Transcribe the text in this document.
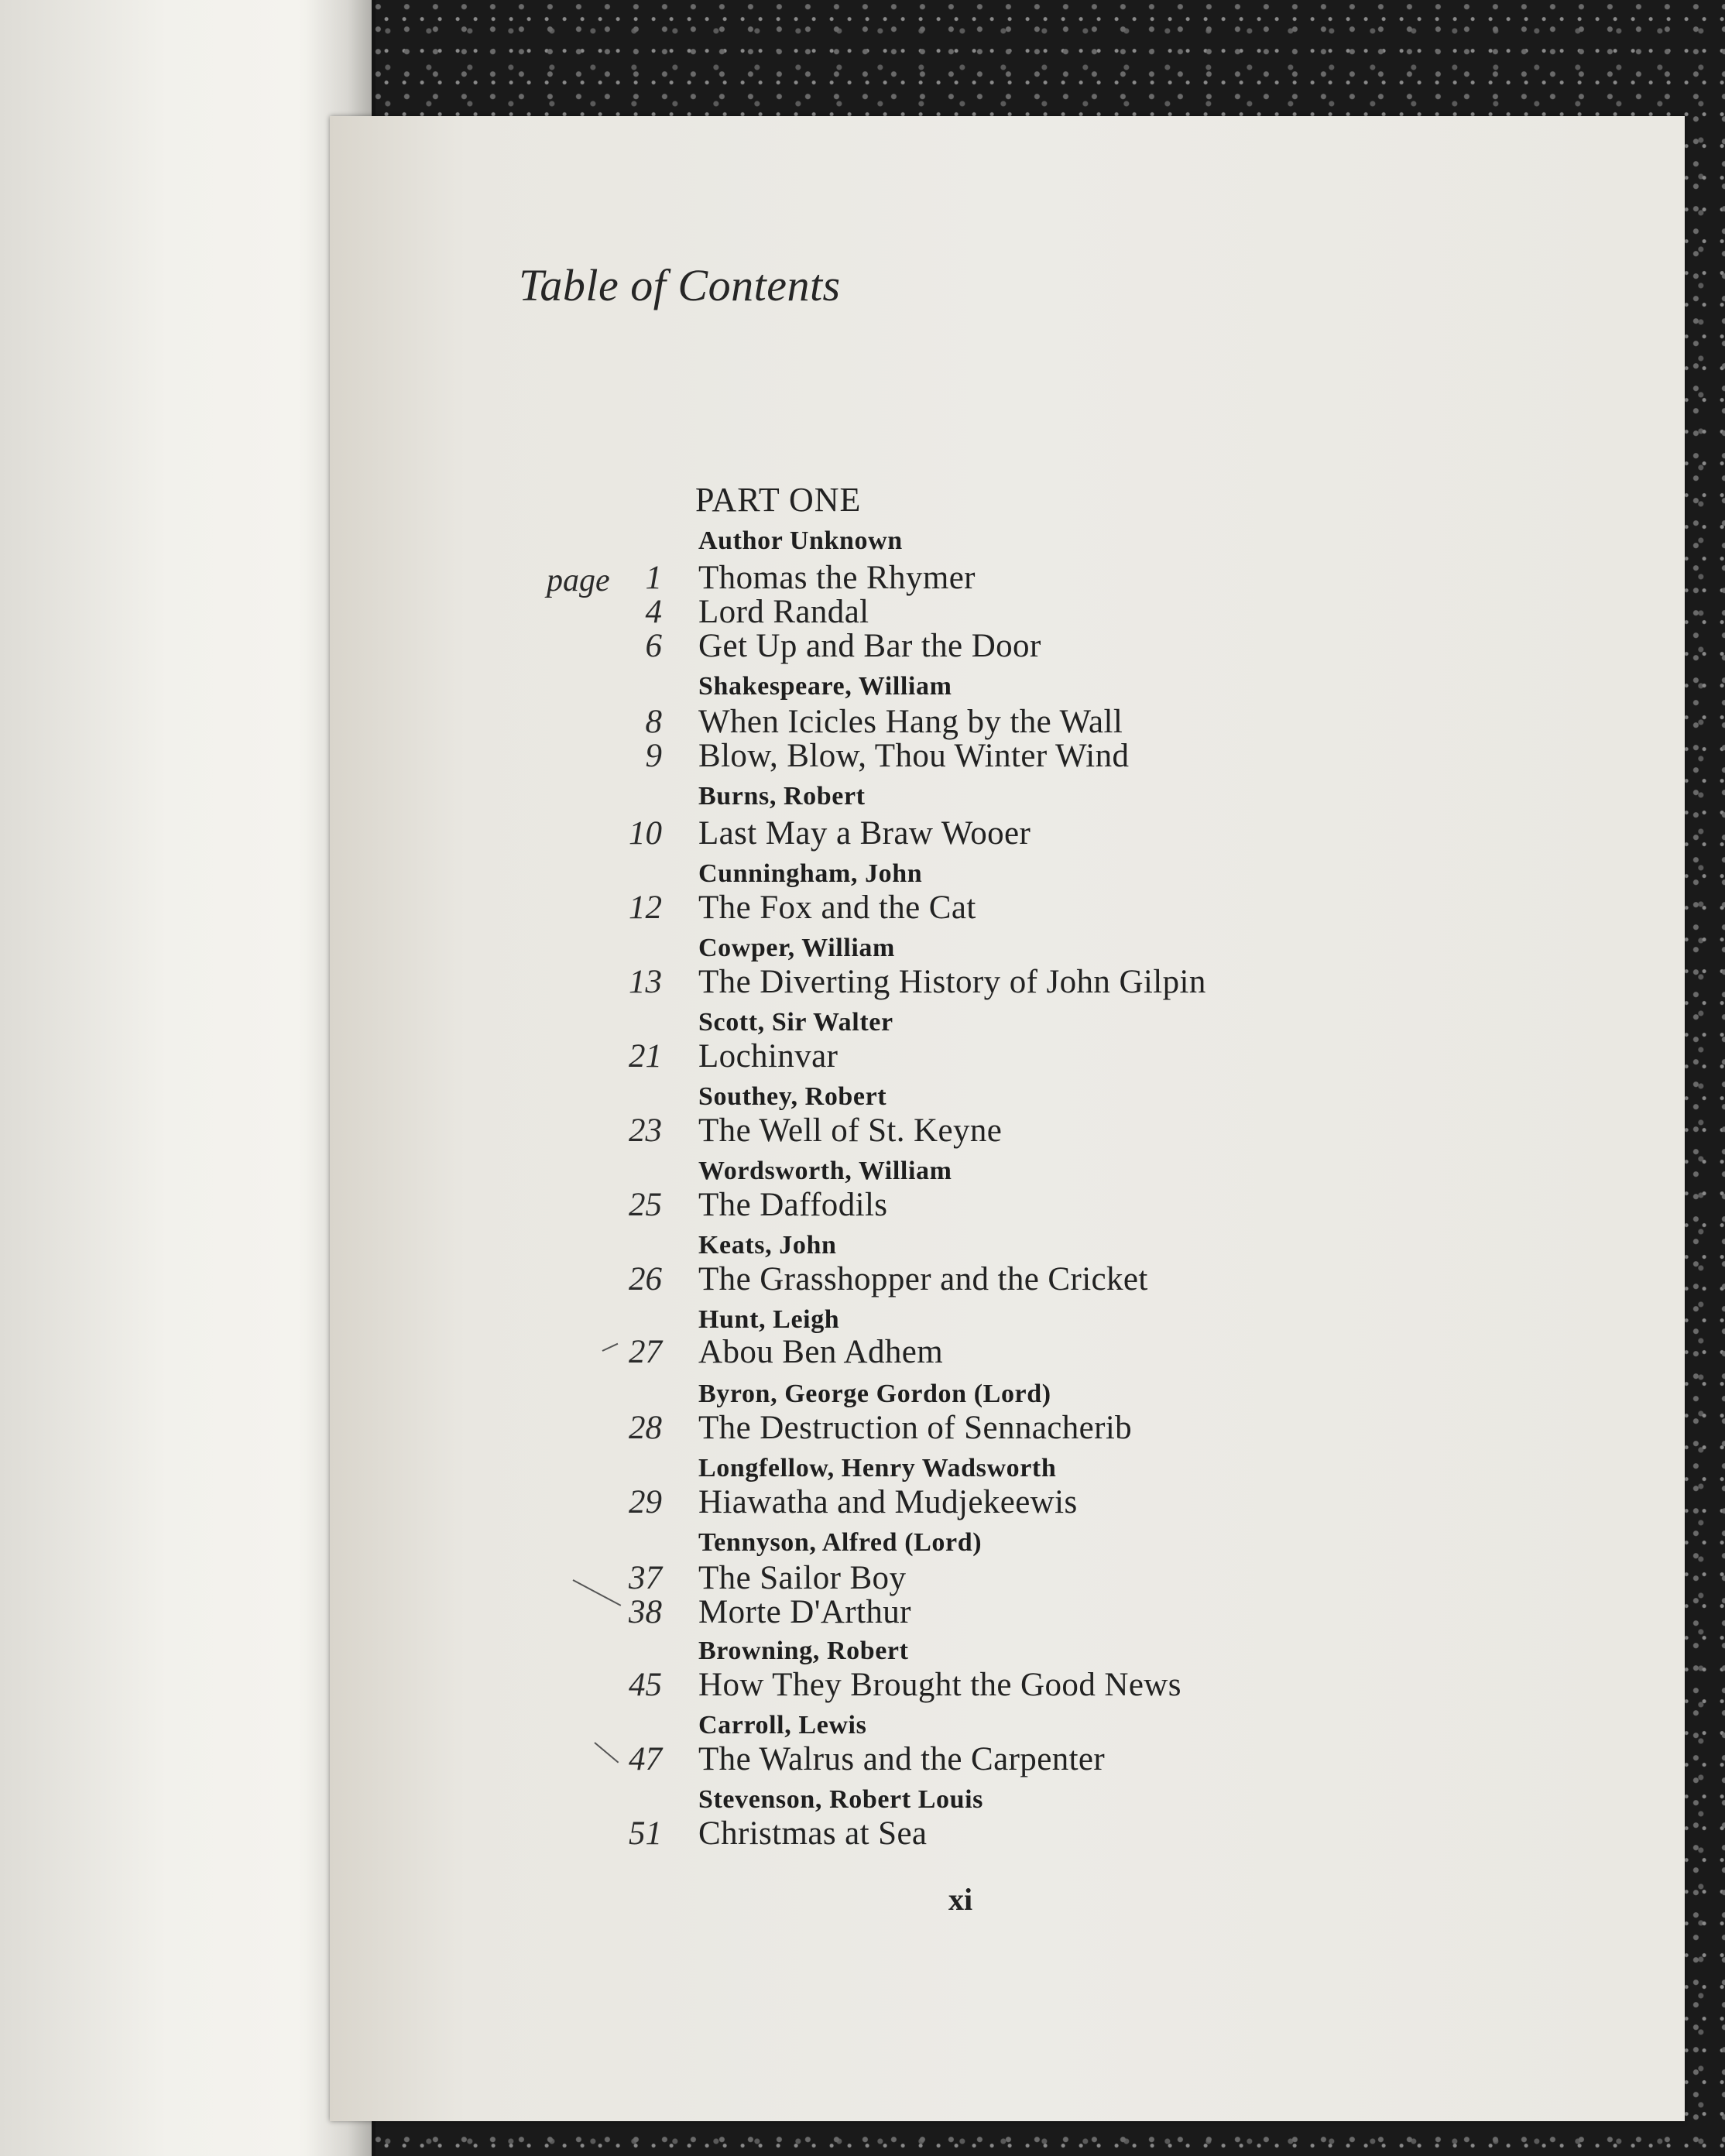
Table of Contents
PART ONE
page
Author Unknown
1 Thomas the Rhymer
4 Lord Randal
6 Get Up and Bar the Door
Shakespeare, William
8 When Icicles Hang by the Wall
9 Blow, Blow, Thou Winter Wind
Burns, Robert
10 Last May a Braw Wooer
Cunningham, John
12 The Fox and the Cat
Cowper, William
13 The Diverting History of John Gilpin
Scott, Sir Walter
21 Lochinvar
Southey, Robert
23 The Well of St. Keyne
Wordsworth, William
25 The Daffodils
Keats, John
26 The Grasshopper and the Cricket
Hunt, Leigh
27 Abou Ben Adhem
Byron, George Gordon (Lord)
28 The Destruction of Sennacherib
Longfellow, Henry Wadsworth
29 Hiawatha and Mudjekeewis
Tennyson, Alfred (Lord)
37 The Sailor Boy
38 Morte D'Arthur
Browning, Robert
45 How They Brought the Good News
Carroll, Lewis
47 The Walrus and the Carpenter
Stevenson, Robert Louis
51 Christmas at Sea
xi
